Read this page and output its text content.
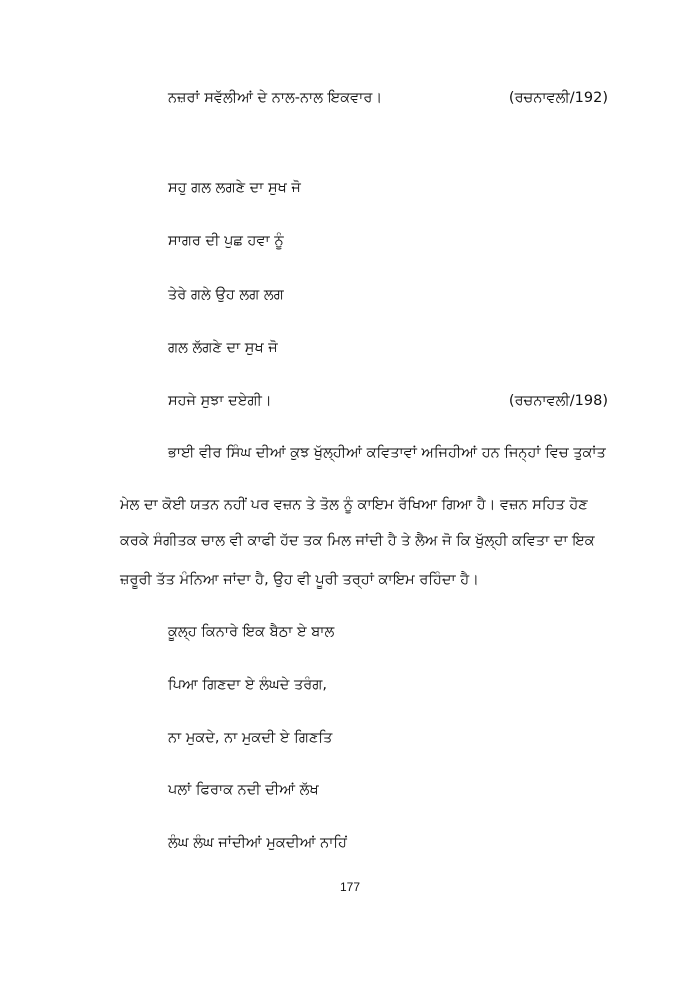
ਨਜ਼ਰਾਂ ਸਵੱਲੀਆਂ ਦੇ ਨਾਲ-ਨਾਲ ਇਕਵਾਰ।	(ਰਚਨਾਵਲੀ/192)
ਸਹੁ ਗਲ ਲਗਣੇ ਦਾ ਸੁਖ ਜੋ
ਸਾਗਰ ਦੀ ਪੁਛ ਹਵਾ ਨੂੰ
ਤੇਰੇ ਗਲੇ ਉਹ ਲਗ ਲਗ
ਗਲ ਲੱਗਣੇ ਦਾ ਸੁਖ ਜੋ
ਸਹਜੇ ਸੁਝਾ ਦਏਗੀ।	(ਰਚਨਾਵਲੀ/198)
ਭਾਈ ਵੀਰ ਸਿੰਘ ਦੀਆਂ ਕੁਝ ਖੁੱਲ੍ਹੀਆਂ ਕਵਿਤਾਵਾਂ ਅਜਿਹੀਆਂ ਹਨ ਜਿਨ੍ਹਾਂ ਵਿਚ ਤੁਕਾਂਤ
ਮੇਲ ਦਾ ਕੋਈ ਯਤਨ ਨਹੀਂ ਪਰ ਵਜ਼ਨ ਤੇ ਤੋਲ ਨੂੰ ਕਾਇਮ ਰੱਖਿਆ ਗਿਆ ਹੈ। ਵਜ਼ਨ ਸਹਿਤ ਹੋਣ
ਕਰਕੇ ਸੰਗੀਤਕ ਚਾਲ ਵੀ ਕਾਫੀ ਹੱਦ ਤਕ ਮਿਲ ਜਾਂਦੀ ਹੈ ਤੇ ਲੈਅ ਜੋ ਕਿ ਖੁੱਲ੍ਹੀ ਕਵਿਤਾ ਦਾ ਇਕ
ਜ਼ਰੂਰੀ ਤੱਤ ਮੰਨਿਆ ਜਾਂਦਾ ਹੈ, ਉਹ ਵੀ ਪੂਰੀ ਤਰ੍ਹਾਂ ਕਾਇਮ ਰਹਿੰਦਾ ਹੈ।
ਕੂਲ੍ਹ ਕਿਨਾਰੇ ਇਕ ਬੈਠਾ ਏ ਬਾਲ
ਪਿਆ ਗਿਣਦਾ ਏ ਲੰਘਦੇ ਤਰੰਗ,
ਨਾ ਮੁਕਦੇ, ਨਾ ਮੁਕਦੀ ਏ ਗਿਣਤਿ
ਪਲਾਂ ਫਿਰਾਕ ਨਦੀ ਦੀਆਂ ਲੱਖ
ਲੰਘ ਲੰਘ ਜਾਂਦੀਆਂ ਮੁਕਦੀਆਂ ਨਾਹਿਂ
177
